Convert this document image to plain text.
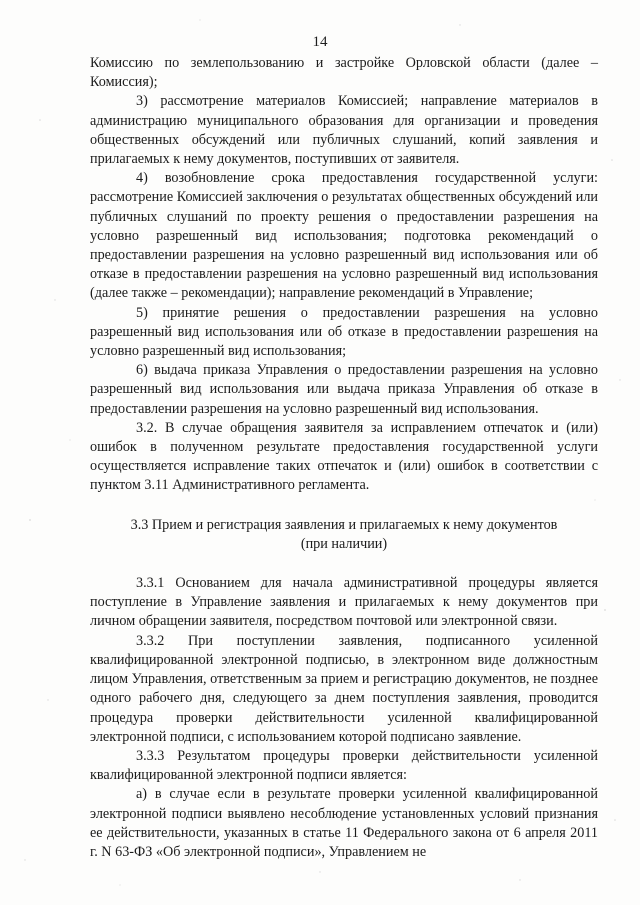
14

Комиссию по землепользованию и застройке Орловской области (далее – Комиссия);

3) рассмотрение материалов Комиссией; направление материалов в администрацию муниципального образования для организации и проведения общественных обсуждений или публичных слушаний, копий заявления и прилагаемых к нему документов, поступивших от заявителя.

4) возобновление срока предоставления государственной услуги: рассмотрение Комиссией заключения о результатах общественных обсуждений или публичных слушаний по проекту решения о предоставлении разрешения на условно разрешенный вид использования; подготовка рекомендаций о предоставлении разрешения на условно разрешенный вид использования или об отказе в предоставлении разрешения на условно разрешенный вид использования (далее также – рекомендации); направление рекомендаций в Управление;

5) принятие решения о предоставлении разрешения на условно разрешенный вид использования или об отказе в предоставлении разрешения на условно разрешенный вид использования;

6) выдача приказа Управления о предоставлении разрешения на условно разрешенный вид использования или выдача приказа Управления об отказе в предоставлении разрешения на условно разрешенный вид использования.

3.2. В случае обращения заявителя за исправлением отпечаток и (или) ошибок в полученном результате предоставления государственной услуги осуществляется исправление таких отпечаток и (или) ошибок в соответствии с пунктом 3.11 Административного регламента.

3.3 Прием и регистрация заявления и прилагаемых к нему документов
(при наличии)

3.3.1 Основанием для начала административной процедуры является поступление в Управление заявления и прилагаемых к нему документов при личном обращении заявителя, посредством почтовой или электронной связи.

3.3.2 При поступлении заявления, подписанного усиленной квалифицированной электронной подписью, в электронном виде должностным лицом Управления, ответственным за прием и регистрацию документов, не позднее одного рабочего дня, следующего за днем поступления заявления, проводится процедура проверки действительности усиленной квалифицированной электронной подписи, с использованием которой подписано заявление.

3.3.3 Результатом процедуры проверки действительности усиленной квалифицированной электронной подписи является:

а) в случае если в результате проверки усиленной квалифицированной электронной подписи выявлено несоблюдение установленных условий признания ее действительности, указанных в статье 11 Федерального закона от 6 апреля 2011 г. N 63-ФЗ «Об электронной подписи», Управлением не
